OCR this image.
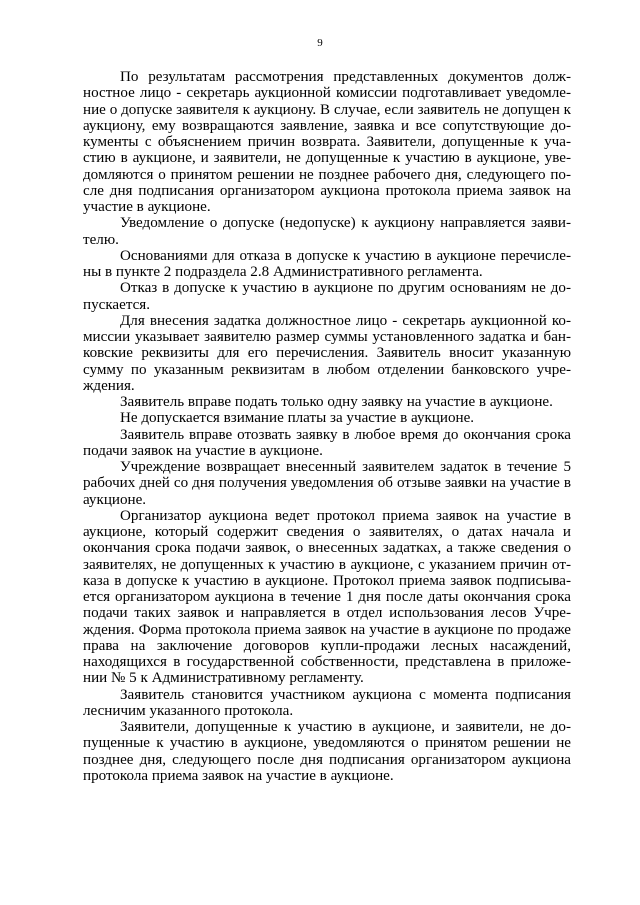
9

По результатам рассмотрения представленных документов должностное лицо - секретарь аукционной комиссии подготавливает уведомление о допуске заявителя к аукциону. В случае, если заявитель не допущен к аукциону, ему возвращаются заявление, заявка и все сопутствующие документы с объяснением причин возврата. Заявители, допущенные к участию в аукционе, и заявители, не допущенные к участию в аукционе, уведомляются о принятом решении не позднее рабочего дня, следующего после дня подписания организатором аукциона протокола приема заявок на участие в аукционе.

Уведомление о допуске (недопуске) к аукциону направляется заявителю.

Основаниями для отказа в допуске к участию в аукционе перечислены в пункте 2 подраздела 2.8 Административного регламента.

Отказ в допуске к участию в аукционе по другим основаниям не допускается.

Для внесения задатка должностное лицо - секретарь аукционной комиссии указывает заявителю размер суммы установленного задатка и банковские реквизиты для его перечисления. Заявитель вносит указанную сумму по указанным реквизитам в любом отделении банковского учреждения.

Заявитель вправе подать только одну заявку на участие в аукционе.

Не допускается взимание платы за участие в аукционе.

Заявитель вправе отозвать заявку в любое время до окончания срока подачи заявок на участие в аукционе.

Учреждение возвращает внесенный заявителем задаток в течение 5 рабочих дней со дня получения уведомления об отзыве заявки на участие в аукционе.

Организатор аукциона ведет протокол приема заявок на участие в аукционе, который содержит сведения о заявителях, о датах начала и окончания срока подачи заявок, о внесенных задатках, а также сведения о заявителях, не допущенных к участию в аукционе, с указанием причин отказа в допуске к участию в аукционе. Протокол приема заявок подписывается организатором аукциона в течение 1 дня после даты окончания срока подачи таких заявок и направляется в отдел использования лесов Учреждения. Форма протокола приема заявок на участие в аукционе по продаже права на заключение договоров купли-продажи лесных насаждений, находящихся в государственной собственности, представлена в приложении № 5 к Административному регламенту.

Заявитель становится участником аукциона с момента подписания лесничим указанного протокола.

Заявители, допущенные к участию в аукционе, и заявители, не допущенные к участию в аукционе, уведомляются о принятом решении не позднее дня, следующего после дня подписания организатором аукциона протокола приема заявок на участие в аукционе.
